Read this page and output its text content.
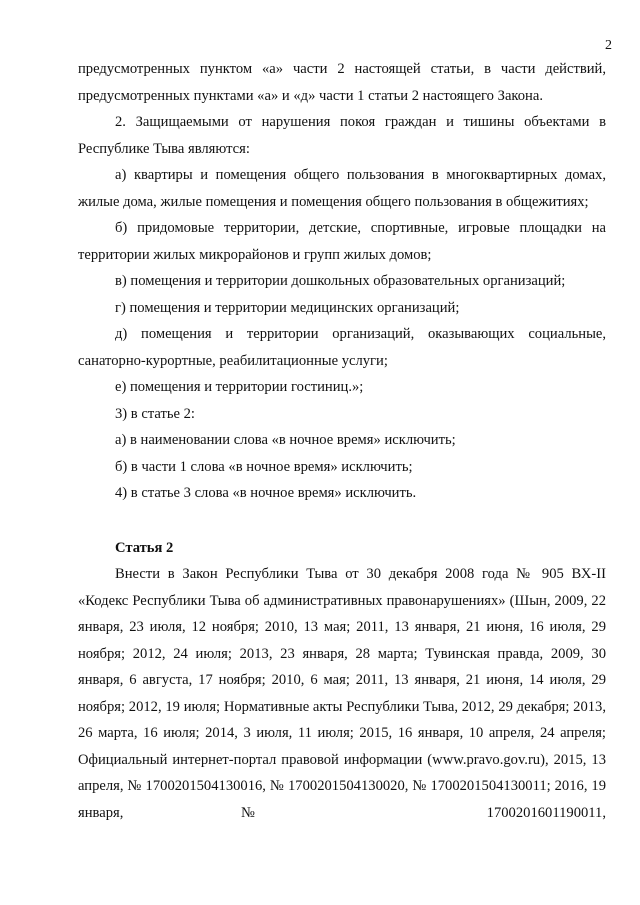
2

предусмотренных пунктом «а» части 2 настоящей статьи, в части действий, предусмотренных пунктами «а» и «д» части 1 статьи 2 настоящего Закона.

2. Защищаемыми от нарушения покоя граждан и тишины объектами в Республике Тыва являются:

а) квартиры и помещения общего пользования в многоквартирных домах, жилые дома, жилые помещения и помещения общего пользования в общежитиях;

б) придомовые территории, детские, спортивные, игровые площадки на территории жилых микрорайонов и групп жилых домов;

в) помещения и территории дошкольных образовательных организаций;

г) помещения и территории медицинских организаций;

д) помещения и территории организаций, оказывающих социальные, санаторно-курортные, реабилитационные услуги;

е) помещения и территории гостиниц.»;

3) в статье 2:

а) в наименовании слова «в ночное время» исключить;

б) в части 1 слова «в ночное время» исключить;

4) в статье 3 слова «в ночное время» исключить.

Статья 2

Внести в Закон Республики Тыва от 30 декабря 2008 года № 905 ВХ-II «Кодекс Республики Тыва об административных правонарушениях» (Шын, 2009, 22 января, 23 июля, 12 ноября; 2010, 13 мая; 2011, 13 января, 21 июня, 16 июля, 29 ноября; 2012, 24 июля; 2013, 23 января, 28 марта; Тувинская правда, 2009, 30 января, 6 августа, 17 ноября; 2010, 6 мая; 2011, 13 января, 21 июня, 14 июля, 29 ноября; 2012, 19 июля; Нормативные акты Республики Тыва, 2012, 29 декабря; 2013, 26 марта, 16 июля; 2014, 3 июля, 11 июля; 2015, 16 января, 10 апреля, 24 апреля; Официальный интернет-портал правовой информации (www.pravo.gov.ru), 2015, 13 апреля, № 1700201504130016, № 1700201504130020, № 1700201504130011; 2016, 19 января, № 1700201601190011,
